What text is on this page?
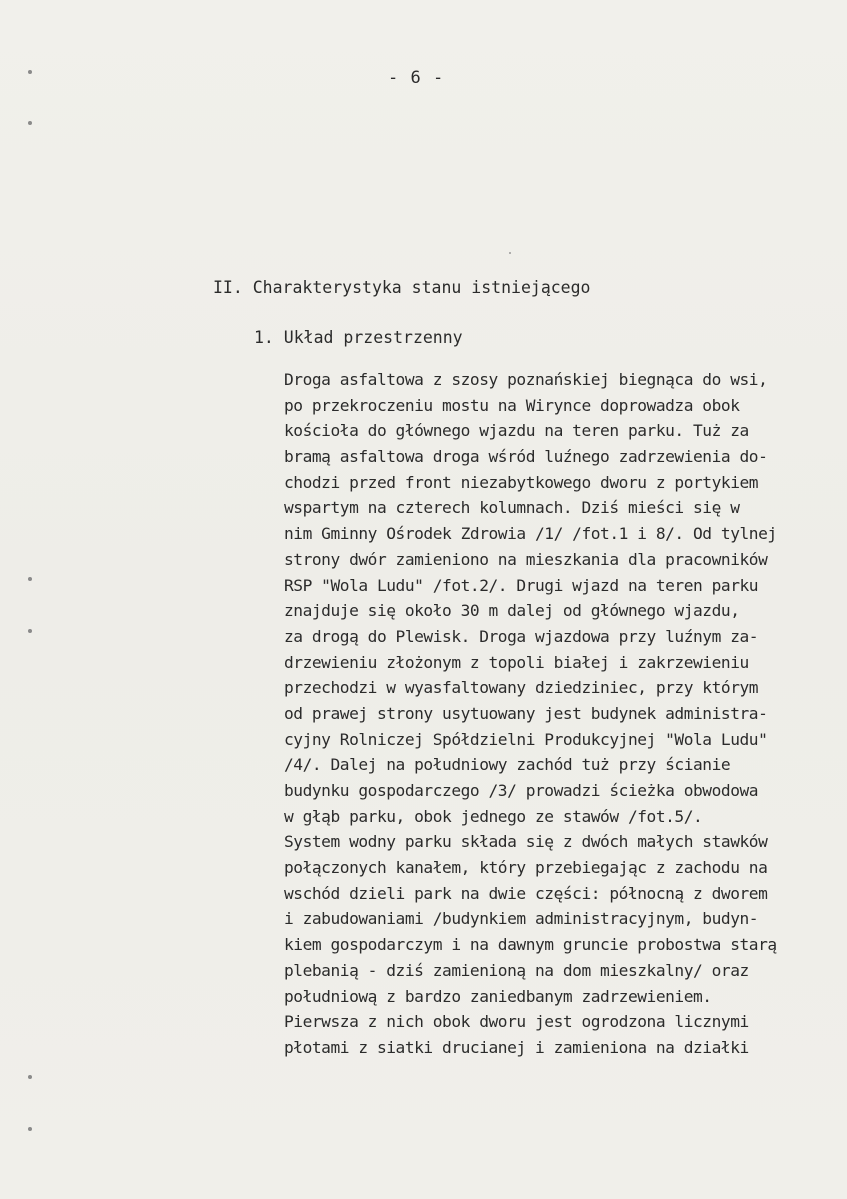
- 6 -
II. Charakterystyka stanu istniejącego
1. Układ przestrzenny
Droga asfaltowa z szosy poznańskiej biegnąca do wsi,
po przekroczeniu mostu na Wirynce doprowadza obok
kościoła do głównego wjazdu na teren parku. Tuż za
bramą asfaltowa droga wśród luźnego zadrzewienia do-
chodzi przed front niezabytkowego dworu z portykiem
wspartym na czterech kolumnach. Dziś mieści się w
nim Gminny Ośrodek Zdrowia /1/ /fot.1 i 8/. Od tylnej
strony dwór zamieniono na mieszkania dla pracowników
RSP "Wola Ludu" /fot.2/. Drugi wjazd na teren parku
znajduje się około 30 m dalej od głównego wjazdu,
za drogą do Plewisk. Droga wjazdowa przy luźnym za-
drzewieniu złożonym z topoli białej i zakrzewieniu
przechodzi w wyasfaltowany dziedziniec, przy którym
od prawej strony usytuowany jest budynek administra-
cyjny Rolniczej Spółdzielni Produkcyjnej "Wola Ludu"
/4/. Dalej na południowy zachód tuż przy ścianie
budynku gospodarczego /3/ prowadzi ścieżka obwodowa
w głąb parku, obok jednego ze stawów /fot.5/.
System wodny parku składa się z dwóch małych stawków
połączonych kanałem, który przebiegając z zachodu na
wschód dzieli park na dwie części: północną z dworem
i zabudowaniami /budynkiem administracyjnym, budyn-
kiem gospodarczym i na dawnym gruncie probostwa starą
plebanią - dziś zamienioną na dom mieszkalny/ oraz
południową z bardzo zaniedbanym zadrzewieniem.
Pierwsza z nich obok dworu jest ogrodzona licznymi
płotami z siatki drucianej i zamieniona na działki
